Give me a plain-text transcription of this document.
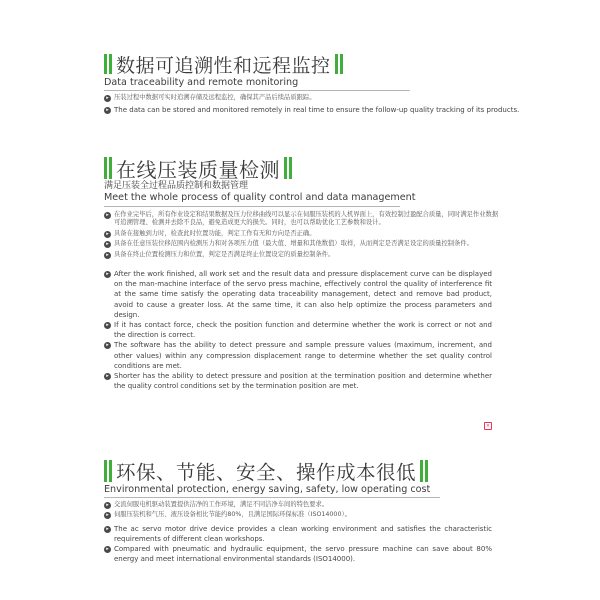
数据可追溯性和远程监控
Data traceability and remote monitoring
▸ 压装过程中数据可实时追溯存储及远程监控，确保其产品后续品质跟踪。
▸ The data can be stored and monitored remotely in real time to ensure the follow-up quality tracking of its products.
在线压装质量检测
满足压装全过程品质控制和数据管理
Meet the whole process of quality control and data management
▸ 在作业完毕后，所有作业设定和结果数据及压力位移曲线可以显示在伺服压装机的人机界面上，有效控制过盈配合质量，同时满足作业数据可追溯管理、检测并去除不良品，避免造成更大的损失。同时，也可以帮助优化工艺参数和设计。
▸ 具备在接触到力时，检查此时位置功能，判定工作有无和方向是否正确。
▸ 具备在任意压装位移范围内检测压力和对各项压力值（最大值、增量和其他数值）取样，从而判定是否满足设定的质量控制条件。
▸ 具备在终止位置检测压力和位置，判定是否满足终止位置设定的质量控制条件。
▸ After the work finished, all work set and the result data and pressure displacement curve can be displayed on the man-machine interface of the servo press machine, effectively control the quality of interference fit at the same time satisfy the operating data traceability management, detect and remove bad product, avoid to cause a greater loss. At the same time, it can also help optimize the process parameters and design.
▸ If it has contact force, check the position function and determine whether the work is correct or not and the direction is correct.
▸ The software has the ability to detect pressure and sample pressure values (maximum, increment, and other values) within any compression displacement range to determine whether the set quality control conditions are met.
▸ Shorter has the ability to detect pressure and position at the termination position and determine whether the quality control conditions set by the termination position are met.
×
环保、节能、安全、操作成本很低
Environmental protection, energy saving, safety, low operating cost
▸ 交流伺服电机驱动装置提供洁净的工作环境，满足不同洁净车间的特色要求。
▸ 伺服压装机和气压、液压设备相比节能约80%，且满足国际环保标准（ISO14000）。
▸ The ac servo motor drive device provides a clean working environment and satisfies the characteristic requirements of different clean workshops.
▸ Compared with pneumatic and hydraulic equipment, the servo pressure machine can save about 80% energy and meet international environmental standards (ISO14000).
